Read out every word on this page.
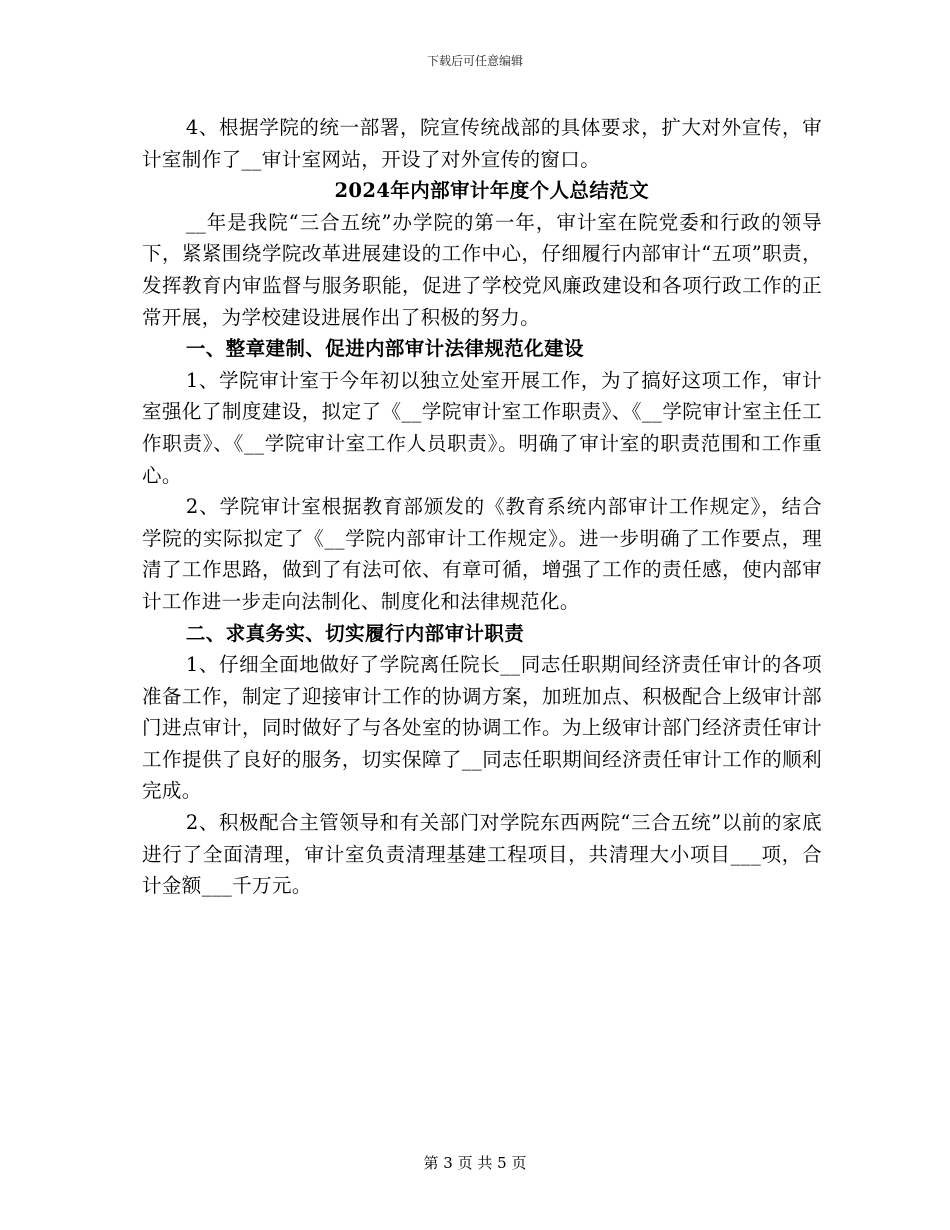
下载后可任意编辑

4、根据学院的统一部署，院宣传统战部的具体要求，扩大对外宣传，审计室制作了__审计室网站，开设了对外宣传的窗口。

2024年内部审计年度个人总结范文

__年是我院“三合五统”办学院的第一年，审计室在院党委和行政的领导下，紧紧围绕学院改革进展建设的工作中心，仔细履行内部审计“五项”职责，发挥教育内审监督与服务职能，促进了学校党风廉政建设和各项行政工作的正常开展，为学校建设进展作出了积极的努力。

一、整章建制、促进内部审计法律规范化建设

1、学院审计室于今年初以独立处室开展工作，为了搞好这项工作，审计室强化了制度建设，拟定了《__学院审计室工作职责》、《__学院审计室主任工作职责》、《__学院审计室工作人员职责》。明确了审计室的职责范围和工作重心。

2、学院审计室根据教育部颁发的《教育系统内部审计工作规定》，结合学院的实际拟定了《__学院内部审计工作规定》。进一步明确了工作要点，理清了工作思路，做到了有法可依、有章可循，增强了工作的责任感，使内部审计工作进一步走向法制化、制度化和法律规范化。

二、求真务实、切实履行内部审计职责

1、仔细全面地做好了学院离任院长__同志任职期间经济责任审计的各项准备工作，制定了迎接审计工作的协调方案，加班加点、积极配合上级审计部门进点审计，同时做好了与各处室的协调工作。为上级审计部门经济责任审计工作提供了良好的服务，切实保障了__同志任职期间经济责任审计工作的顺利完成。

2、积极配合主管领导和有关部门对学院东西两院“三合五统”以前的家底进行了全面清理，审计室负责清理基建工程项目，共清理大小项目___项，合计金额___千万元。

第 3 页 共 5 页
